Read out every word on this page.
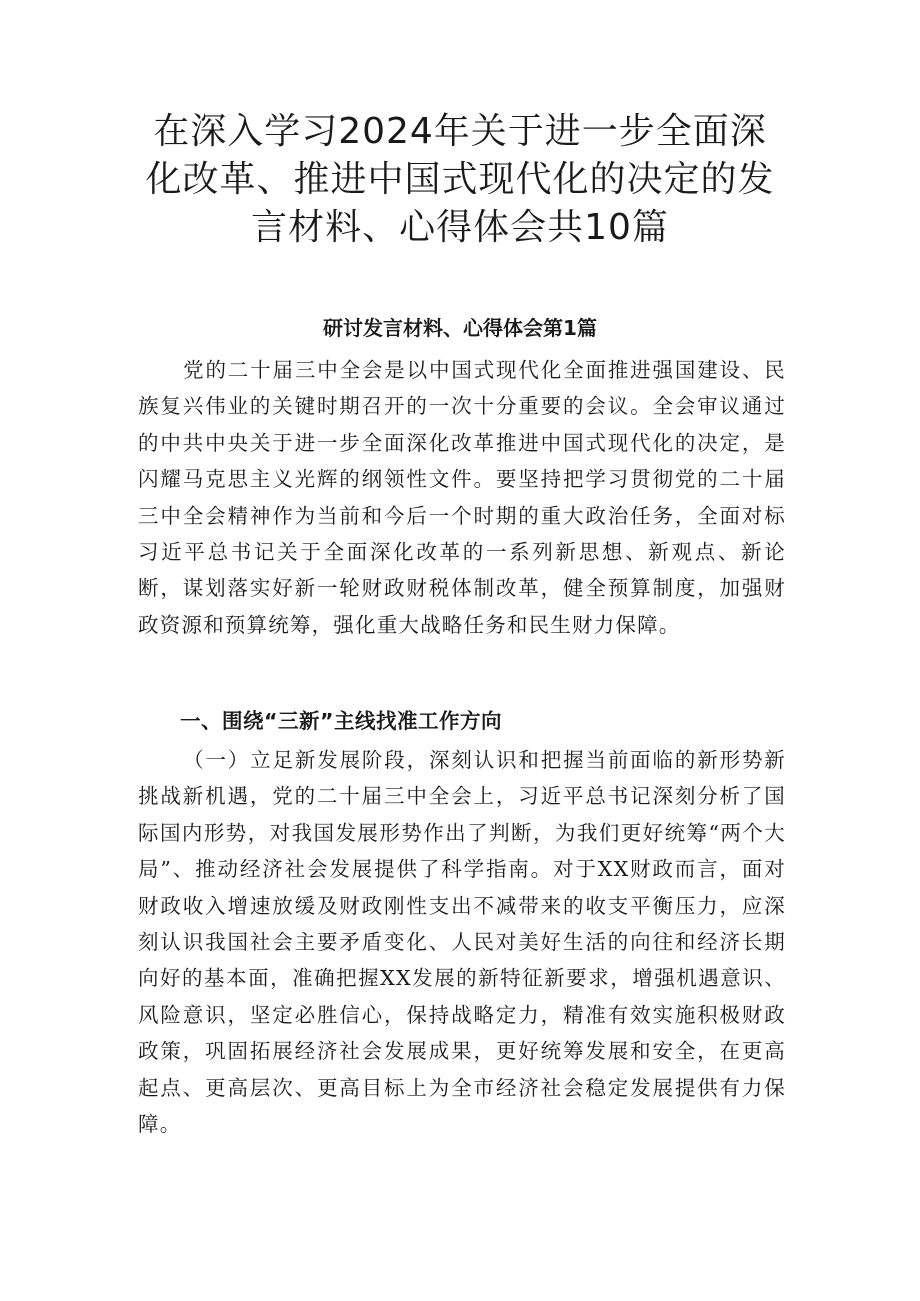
在深入学习2024年关于进一步全面深化改革、推进中国式现代化的决定的发言材料、心得体会共10篇
研讨发言材料、心得体会第1篇

党的二十届三中全会是以中国式现代化全面推进强国建设、民族复兴伟业的关键时期召开的一次十分重要的会议。全会审议通过的中共中央关于进一步全面深化改革推进中国式现代化的决定，是闪耀马克思主义光辉的纲领性文件。要坚持把学习贯彻党的二十届三中全会精神作为当前和今后一个时期的重大政治任务，全面对标习近平总书记关于全面深化改革的一系列新思想、新观点、新论断，谋划落实好新一轮财政财税体制改革，健全预算制度，加强财政资源和预算统筹，强化重大战略任务和民生财力保障。

一、围绕“三新”主线找准工作方向

（一）立足新发展阶段，深刻认识和把握当前面临的新形势新挑战新机遇，党的二十届三中全会上，习近平总书记深刻分析了国际国内形势，对我国发展形势作出了判断，为我们更好统筹“两个大局”、推动经济社会发展提供了科学指南。对于XX财政而言，面对财政收入增速放缓及财政刚性支出不减带来的收支平衡压力，应深刻认识我国社会主要矛盾变化、人民对美好生活的向往和经济长期向好的基本面，准确把握XX发展的新特征新要求，增强机遇意识、风险意识，坚定必胜信心，保持战略定力，精准有效实施积极财政政策，巩固拓展经济社会发展成果，更好统筹发展和安全，在更高起点、更高层次、更高目标上为全市经济社会稳定发展提供有力保障。
